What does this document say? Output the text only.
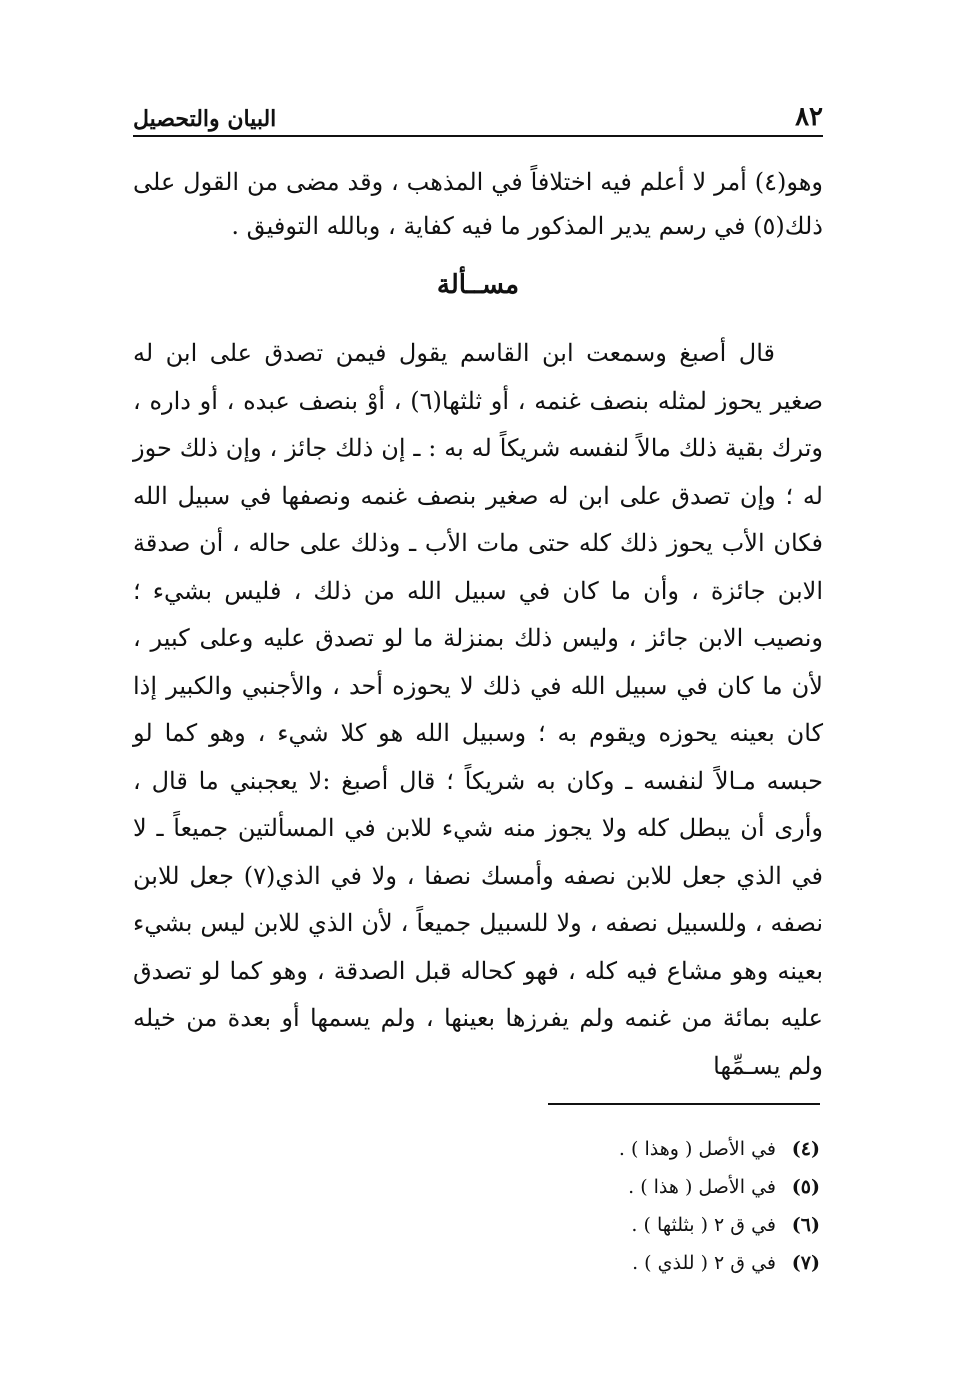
٨٢
البيان والتحصيل
وهو(٤) أمر لا أعلم فيه اختلافاً في المذهب ، وقد مضى من القول على ذلك(٥) في رسم يدير المذكور ما فيه كفاية ، وبالله التوفيق .
مســألة

قال أصبغ وسمعت ابن القاسم يقول فيمن تصدق على ابن له صغير يحوز لمثله بنصف غنمه ، أو ثلثها(٦) ، أوْ بنصف عبده ، أو داره ، وترك بقية ذلك مالاً لنفسه شريكاً له به : ـ إن ذلك جائز ، وإن ذلك حوز له ؛ وإن تصدق على ابن له صغير بنصف غنمه ونصفها في سبيل الله فكان الأب يحوز ذلك كله حتى مات الأب ـ وذلك على حاله ، أن صدقة الابن جائزة ، وأن ما كان في سبيل الله من ذلك ، فليس بشيء ؛ ونصيب الابن جائز ، وليس ذلك بمنزلة ما لو تصدق عليه وعلى كبير ، لأن ما كان في سبيل الله في ذلك لا يحوزه أحد ، والأجنبي والكبير إذا كان بعينه يحوزه ويقوم به ؛ وسبيل الله هو كلا شيء ، وهو كما لو حبسه مـالاً لنفسه ـ وكان به شريكاً ؛ قال أصبغ :لا يعجبني ما قال ، وأرى أن يبطل كله ولا يجوز منه شيء للابن في المسألتين جميعاً ـ لا في الذي جعل للابن نصفه وأمسك نصفا ، ولا في الذي(٧) جعل للابن نصفه ، وللسبيل نصفه ، ولا للسبيل جميعاً ، لأن الذي للابن ليس بشيء بعينه وهو مشاع فيه كله ، فهو كحاله قبل الصدقة ، وهو كما لو تصدق عليه بمائة من غنمه ولم يفرزها بعينها ، ولم يسمها أو بعدة من خيله ولم يسـمِّها

(٤)
في الأصل ( وهذا ) .
(٥)
في الأصل ( هذا ) .
(٦)
في ق ٢ ( بثلثها ) .
(٧)
في ق ٢ ( للذي ) .
